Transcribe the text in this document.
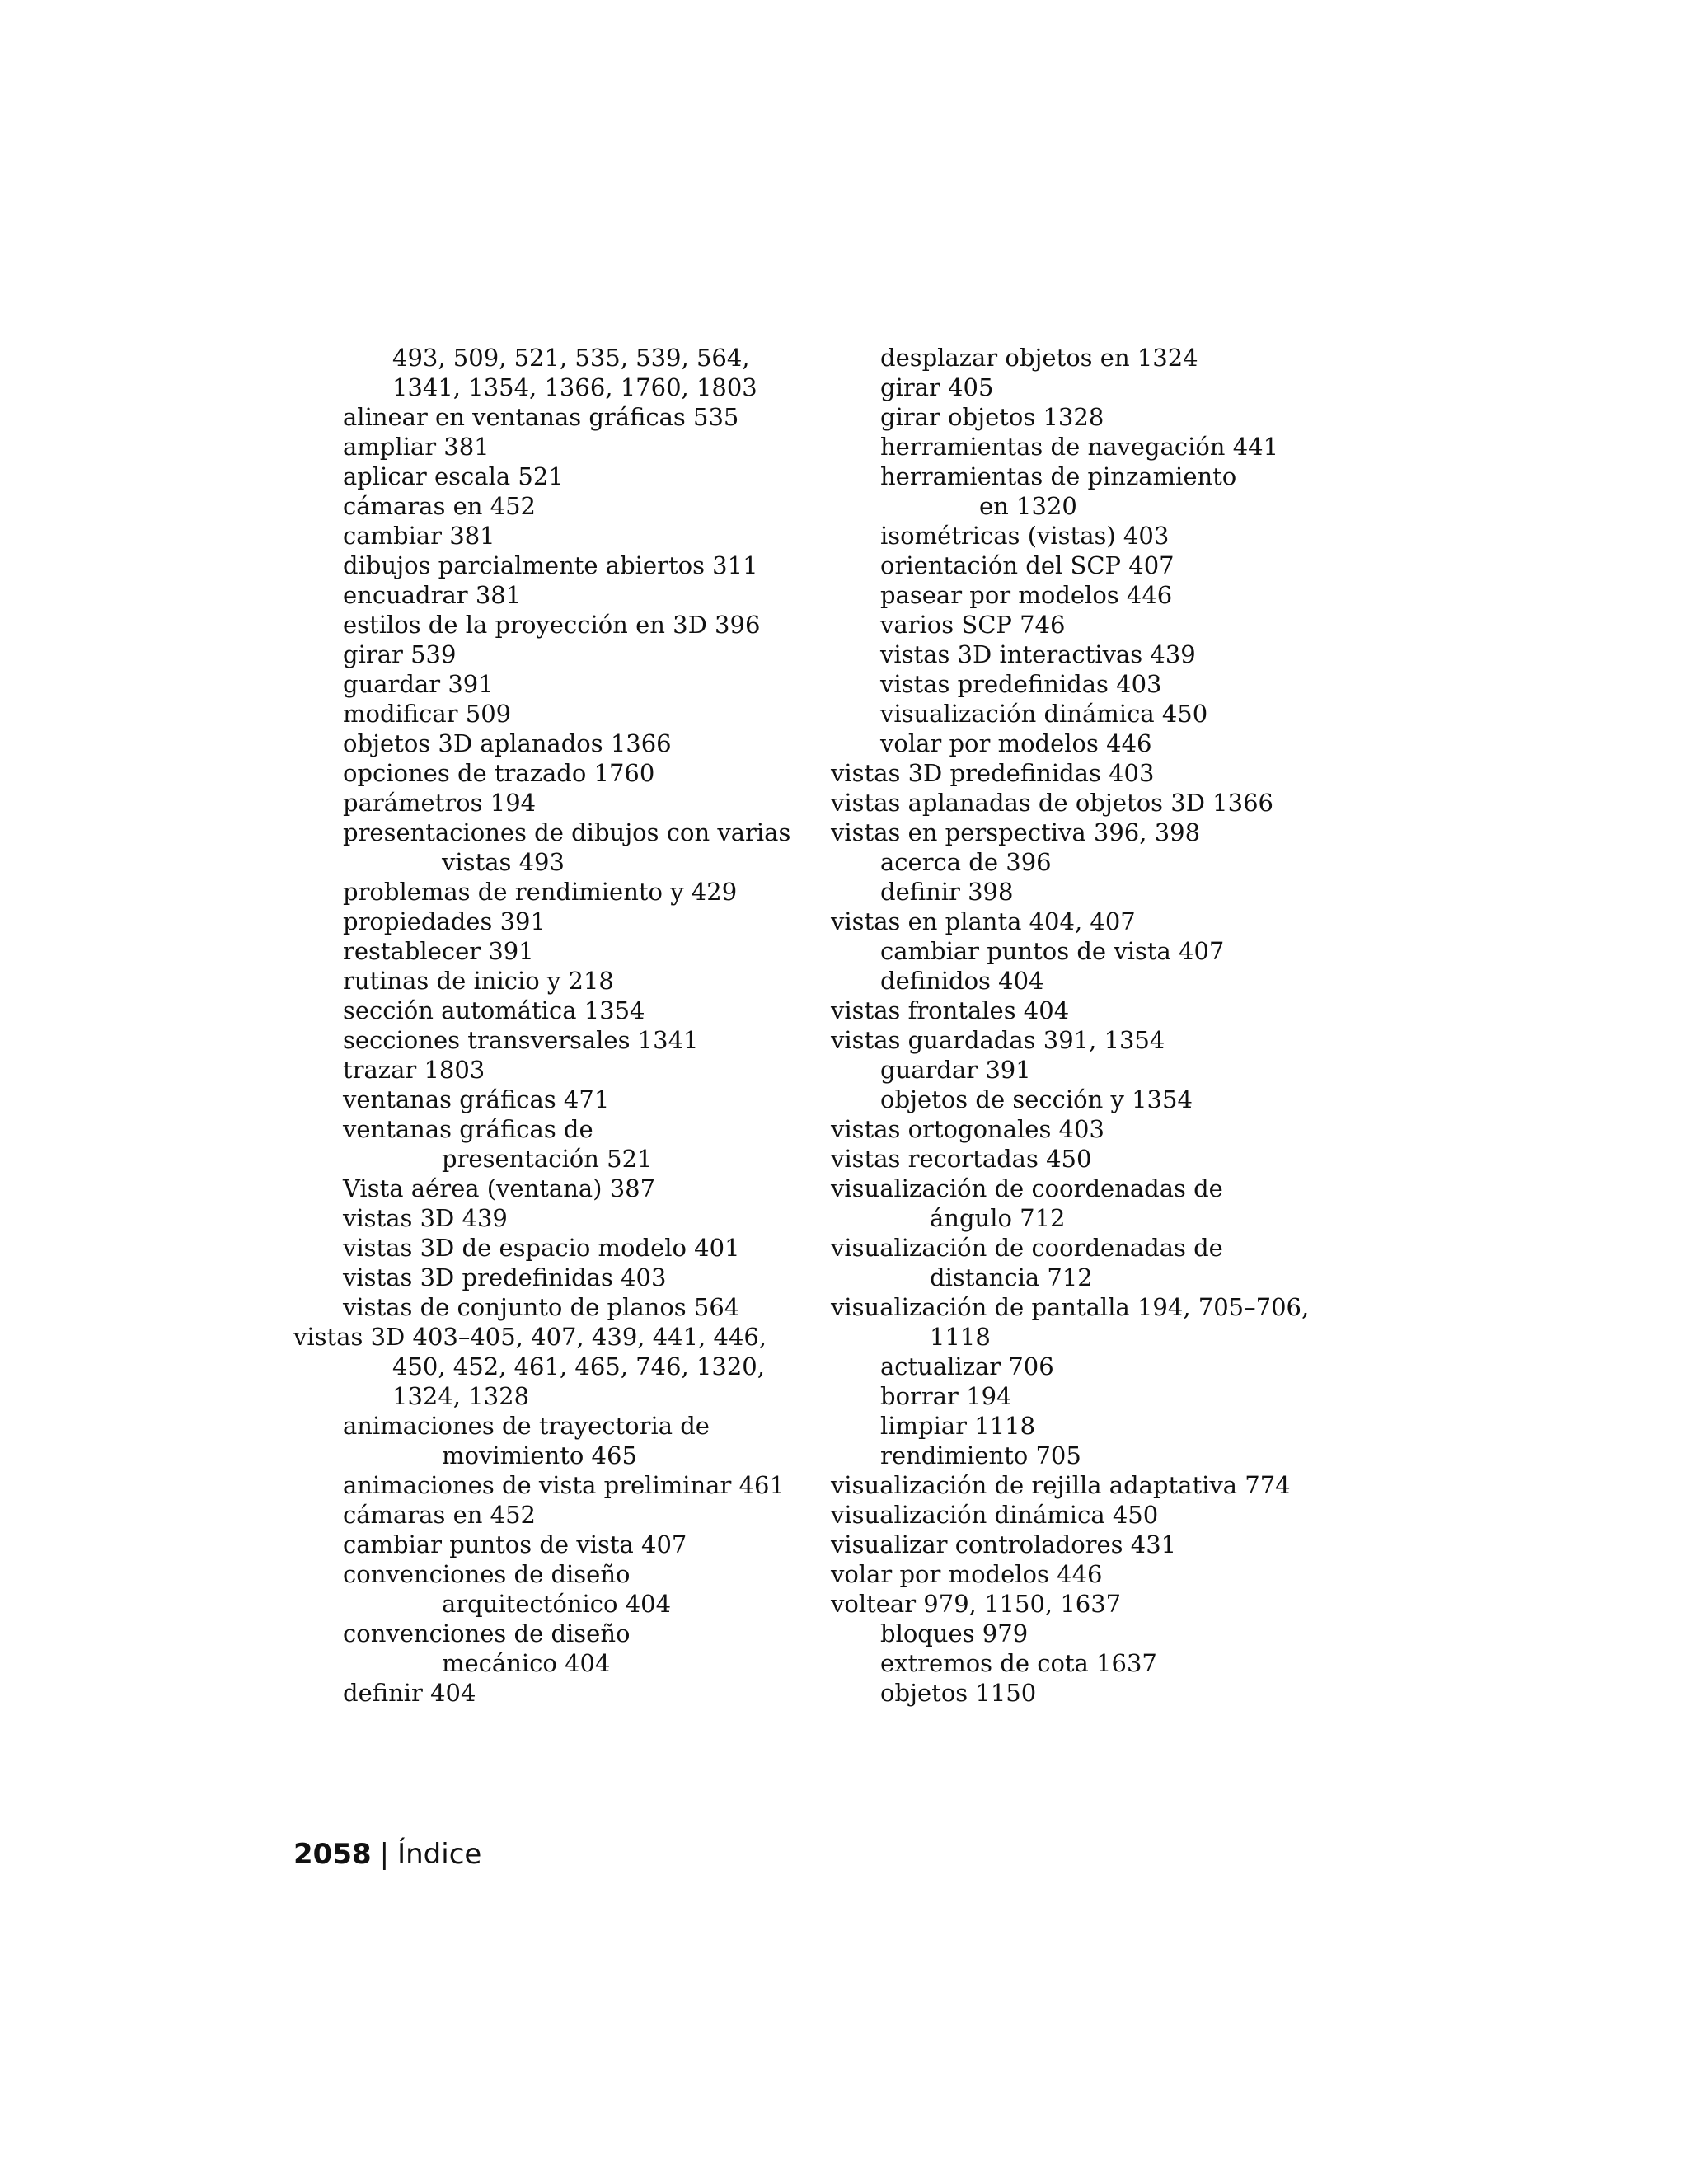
493, 509, 521, 535, 539, 564,
1341, 1354, 1366, 1760, 1803
alinear en ventanas gráficas 535
ampliar 381
aplicar escala 521
cámaras en 452
cambiar 381
dibujos parcialmente abiertos 311
encuadrar 381
estilos de la proyección en 3D 396
girar 539
guardar 391
modificar 509
objetos 3D aplanados 1366
opciones de trazado 1760
parámetros 194
presentaciones de dibujos con varias
vistas 493
problemas de rendimiento y 429
propiedades 391
restablecer 391
rutinas de inicio y 218
sección automática 1354
secciones transversales 1341
trazar 1803
ventanas gráficas 471
ventanas gráficas de
presentación 521
Vista aérea (ventana) 387
vistas 3D 439
vistas 3D de espacio modelo 401
vistas 3D predefinidas 403
vistas de conjunto de planos 564
vistas 3D 403–405, 407, 439, 441, 446,
450, 452, 461, 465, 746, 1320,
1324, 1328
animaciones de trayectoria de
movimiento 465
animaciones de vista preliminar 461
cámaras en 452
cambiar puntos de vista 407
convenciones de diseño
arquitectónico 404
convenciones de diseño
mecánico 404
definir 404
desplazar objetos en 1324
girar 405
girar objetos 1328
herramientas de navegación 441
herramientas de pinzamiento
en 1320
isométricas (vistas) 403
orientación del SCP 407
pasear por modelos 446
varios SCP 746
vistas 3D interactivas 439
vistas predefinidas 403
visualización dinámica 450
volar por modelos 446
vistas 3D predefinidas 403
vistas aplanadas de objetos 3D 1366
vistas en perspectiva 396, 398
acerca de 396
definir 398
vistas en planta 404, 407
cambiar puntos de vista 407
definidos 404
vistas frontales 404
vistas guardadas 391, 1354
guardar 391
objetos de sección y 1354
vistas ortogonales 403
vistas recortadas 450
visualización de coordenadas de
ángulo 712
visualización de coordenadas de
distancia 712
visualización de pantalla 194, 705–706,
1118
actualizar 706
borrar 194
limpiar 1118
rendimiento 705
visualización de rejilla adaptativa 774
visualización dinámica 450
visualizar controladores 431
volar por modelos 446
voltear 979, 1150, 1637
bloques 979
extremos de cota 1637
objetos 1150
2058 | Índice
